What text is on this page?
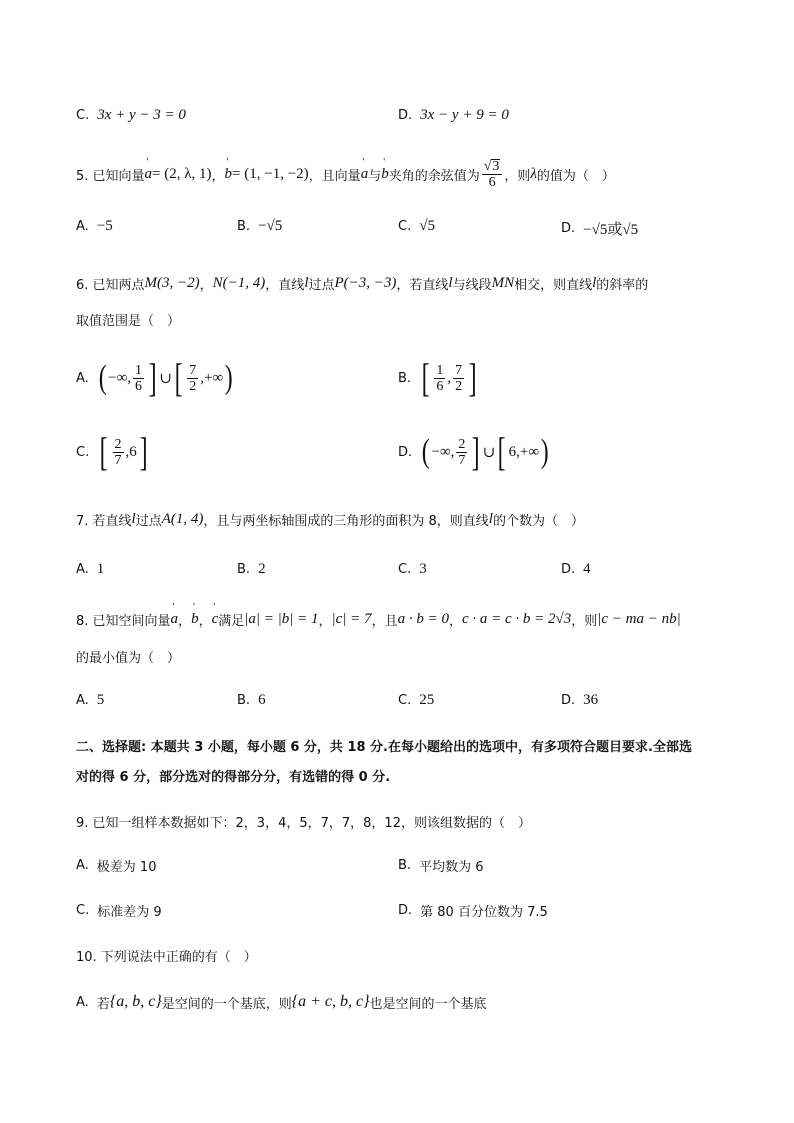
C. 3x + y − 3 = 0	D. 3x − y + 9 = 0
5. 已知向量 ' a = (2, λ, 1) ， ' b = (1, −1, −2) ，且向量 ' a 与 ' b 夹角的余弦值为 $\frac{√ 3}{6}$ ，则 λ 的值为（　）
A. −5	B. −√5	C. √5	D. −√5或√5
6. 已知两点 M(3, −2) ， N(−1, 4) ，直线 l 过点 P(−3, −3) ，若直线 l 与线段 MN 相交，则直线 l 的斜率的
取值范围是（　）
A. ( −∞, $\frac{1}{6}$ ] ∪ [ $\frac{7}{2}$ ,+∞ )	B. [ $\frac{1}{6}$ , $\frac{7}{2}$ ]
C. [ $\frac{2}{7} ,6$ ]	D. ( −∞, $\frac{2}{7}$ ] ∪ [ 6,+∞ )
7. 若直线 l 过点 A(1, 4) ，且与两坐标轴围成的三角形的面积为 8，则直线 l 的个数为（　）
A. 1	B. 2	C. 3	D. 4
8. 已知空间向量 ' a ， ' b ， ' c 满足 |a| = |b| = 1 ， |c| = 7 ，且 a · b = 0 ， c · a = c · b = 2√3 ，则 |c − ma − nb|
的最小值为（　）
A. 5	B. 6	C. 25	D. 36
二、选择题: 本题共 3 小题，每小题 6 分，共 18 分.在每小题给出的选项中，有多项符合题目要求.全部选
对的得 6 分，部分选对的得部分分，有选错的得 0 分.
9. 已知一组样本数据如下：2，3，4，5，7，7，8，12，则该组数据的（　）
A. 极差为 10	B. 平均数为 6
C. 标准差为 9	D. 第 80 百分位数为 7.5
10. 下列说法中正确的有（　）
A. 若 {a, b, c} 是空间的一个基底，则 {a + c, b, c} 也是空间的一个基底
